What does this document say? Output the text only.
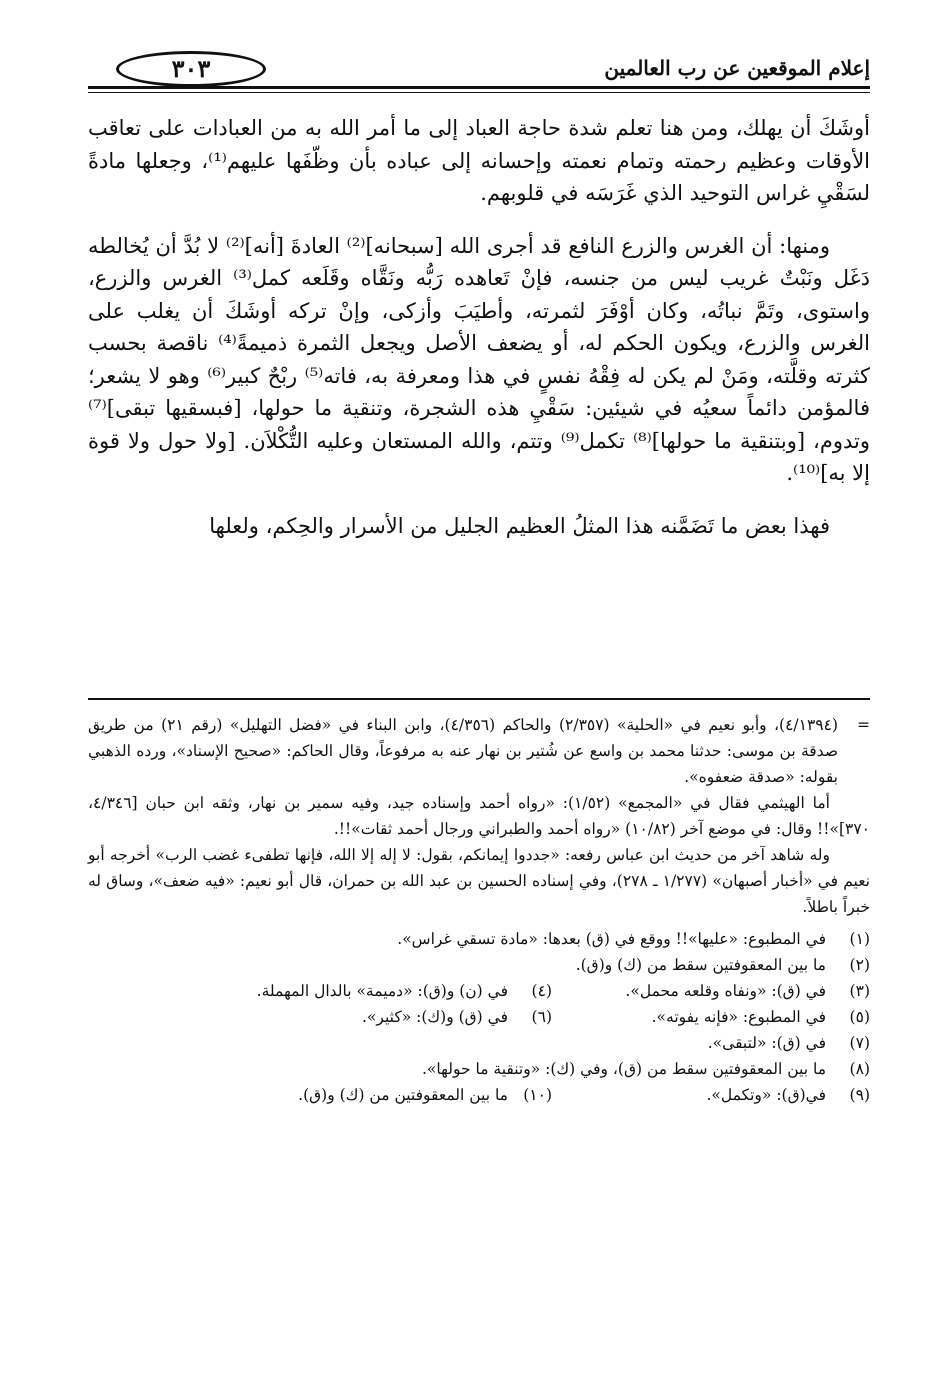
إعلام الموقعين عن رب العالمين
٣٠٣

أوشَكَ أن يهلك، ومن هنا تعلم شدة حاجة العباد إلى ما أمر الله به من العبادات على تعاقب الأوقات وعظيم رحمته وتمام نعمته وإحسانه إلى عباده بأن وظّفَها عليهم⁽¹⁾، وجعلها مادةً لسَقْيِ غراس التوحيد الذي غَرَسَه في قلوبهم.

ومنها: أن الغرس والزرع النافع قد أجرى الله [سبحانه]⁽²⁾ العادةَ [أنه]⁽²⁾ لا بُدَّ أن يُخالطه دَغَل ونَبْتٌ غريب ليس من جنسه، فإنْ تَعاهده رَبُّه ونَقَّاه وقَلَعه كمل⁽³⁾ الغرس والزرع، واستوى، وتَمَّ نباتُه، وكان أوْفَرَ لثمرته، وأطيَبَ وأزكى، وإنْ تركه أوشَكَ أن يغلب على الغرس والزرع، ويكون الحكم له، أو يضعف الأصل ويجعل الثمرة ذميمةً⁽⁴⁾ ناقصة بحسب كثرته وقلَّته، ومَنْ لم يكن له فِقْهُ نفسٍ في هذا ومعرفة به، فاته⁽⁵⁾ ربْحٌ كبير⁽⁶⁾ وهو لا يشعر؛ فالمؤمن دائماً سعيُه في شيئين: سَقْيِ هذه الشجرة، وتنقية ما حولها، [فبسقيها تبقى]⁽⁷⁾ وتدوم، [وبتنقية ما حولها]⁽⁸⁾ تكمل⁽⁹⁾ وتتم، والله المستعان وعليه التُّكْلاَن. [ولا حول ولا قوة إلا به]⁽¹⁰⁾.

فهذا بعض ما تَضَمَّنه هذا المثلُ العظيم الجليل من الأسرار والحِكم، ولعلها

=
(٤/١٣٩٤)، وأبو نعيم في «الحلية» (٢/٣٥٧) والحاكم (٤/٣٥٦)، وابن البناء في «فضل التهليل» (رقم ٢١) من طريق صدقة بن موسى: حدثنا محمد بن واسع عن شُتير بن نهار عنه به مرفوعاً، وقال الحاكم: «صحيح الإسناد»، ورده الذهبي بقوله: «صدقة ضعفوه».

أما الهيثمي فقال في «المجمع» (١/٥٢): «رواه أحمد وإسناده جيد، وفيه سمير بن نهار، وثقه ابن حبان [٤/٣٤٦، ٣٧٠]»!! وقال: في موضع آخر (١٠/٨٢) «رواه أحمد والطبراني ورجال أحمد ثقات»!!.

وله شاهد آخر من حديث ابن عباس رفعه: «جددوا إيمانكم، بقول: لا إله إلا الله، فإنها تطفىء غضب الرب» أخرجه أبو نعيم في «أخبار أصبهان» (١/٢٧٧ ـ ٢٧٨)، وفي إسناده الحسين بن عبد الله بن حمران، قال أبو نعيم: «فيه ضعف»، وساق له خبراً باطلاً.

(١)
في المطبوع: «عليها»!! ووقع في (ق) بعدها: «مادة تسقي غراس».
(٢)
ما بين المعقوفتين سقط من (ك) و(ق).
(٣)
في (ق): «ونفاه وقلعه محمل».
(٤)
في (ن) و(ق): «دميمة» بالدال المهملة.
(٥)
في المطبوع: «فإنه يفوته».
(٦)
في (ق) و(ك): «كثير».
(٧)
في (ق): «لتبقى».
(٨)
ما بين المعقوفتين سقط من (ق)، وفي (ك): «وتنقية ما حولها».
(٩)
في(ق): «وتكمل».
(١٠)
ما بين المعقوفتين من (ك) و(ق).
